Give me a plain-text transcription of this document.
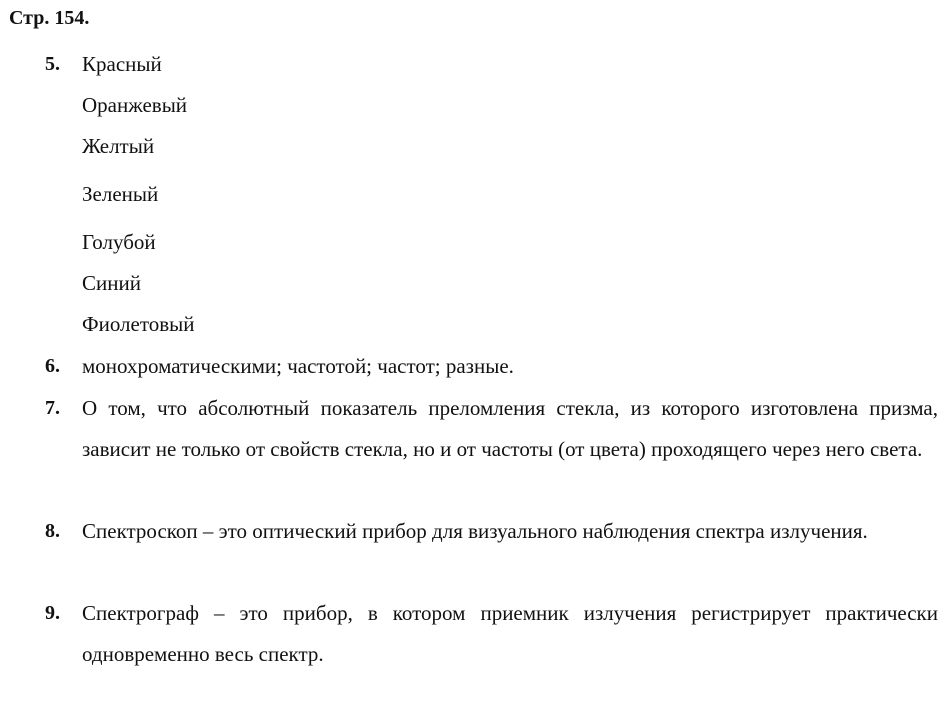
Стр. 154.
5.	Красный
Оранжевый
Желтый
Зеленый
Голубой
Синий
Фиолетовый
6.	монохроматическими; частотой; частот; разные.

7.	О том, что абсолютный показатель преломления стекла, из которого изготовлена призма, зависит не только от свойств стекла, но и от частоты (от цвета) проходящего через него света.

8.	Спектроскоп – это оптический прибор для визуального наблюдения спектра излучения.

9.	Спектрограф – это прибор, в котором приемник излучения регистрирует практически одновременно весь спектр.
